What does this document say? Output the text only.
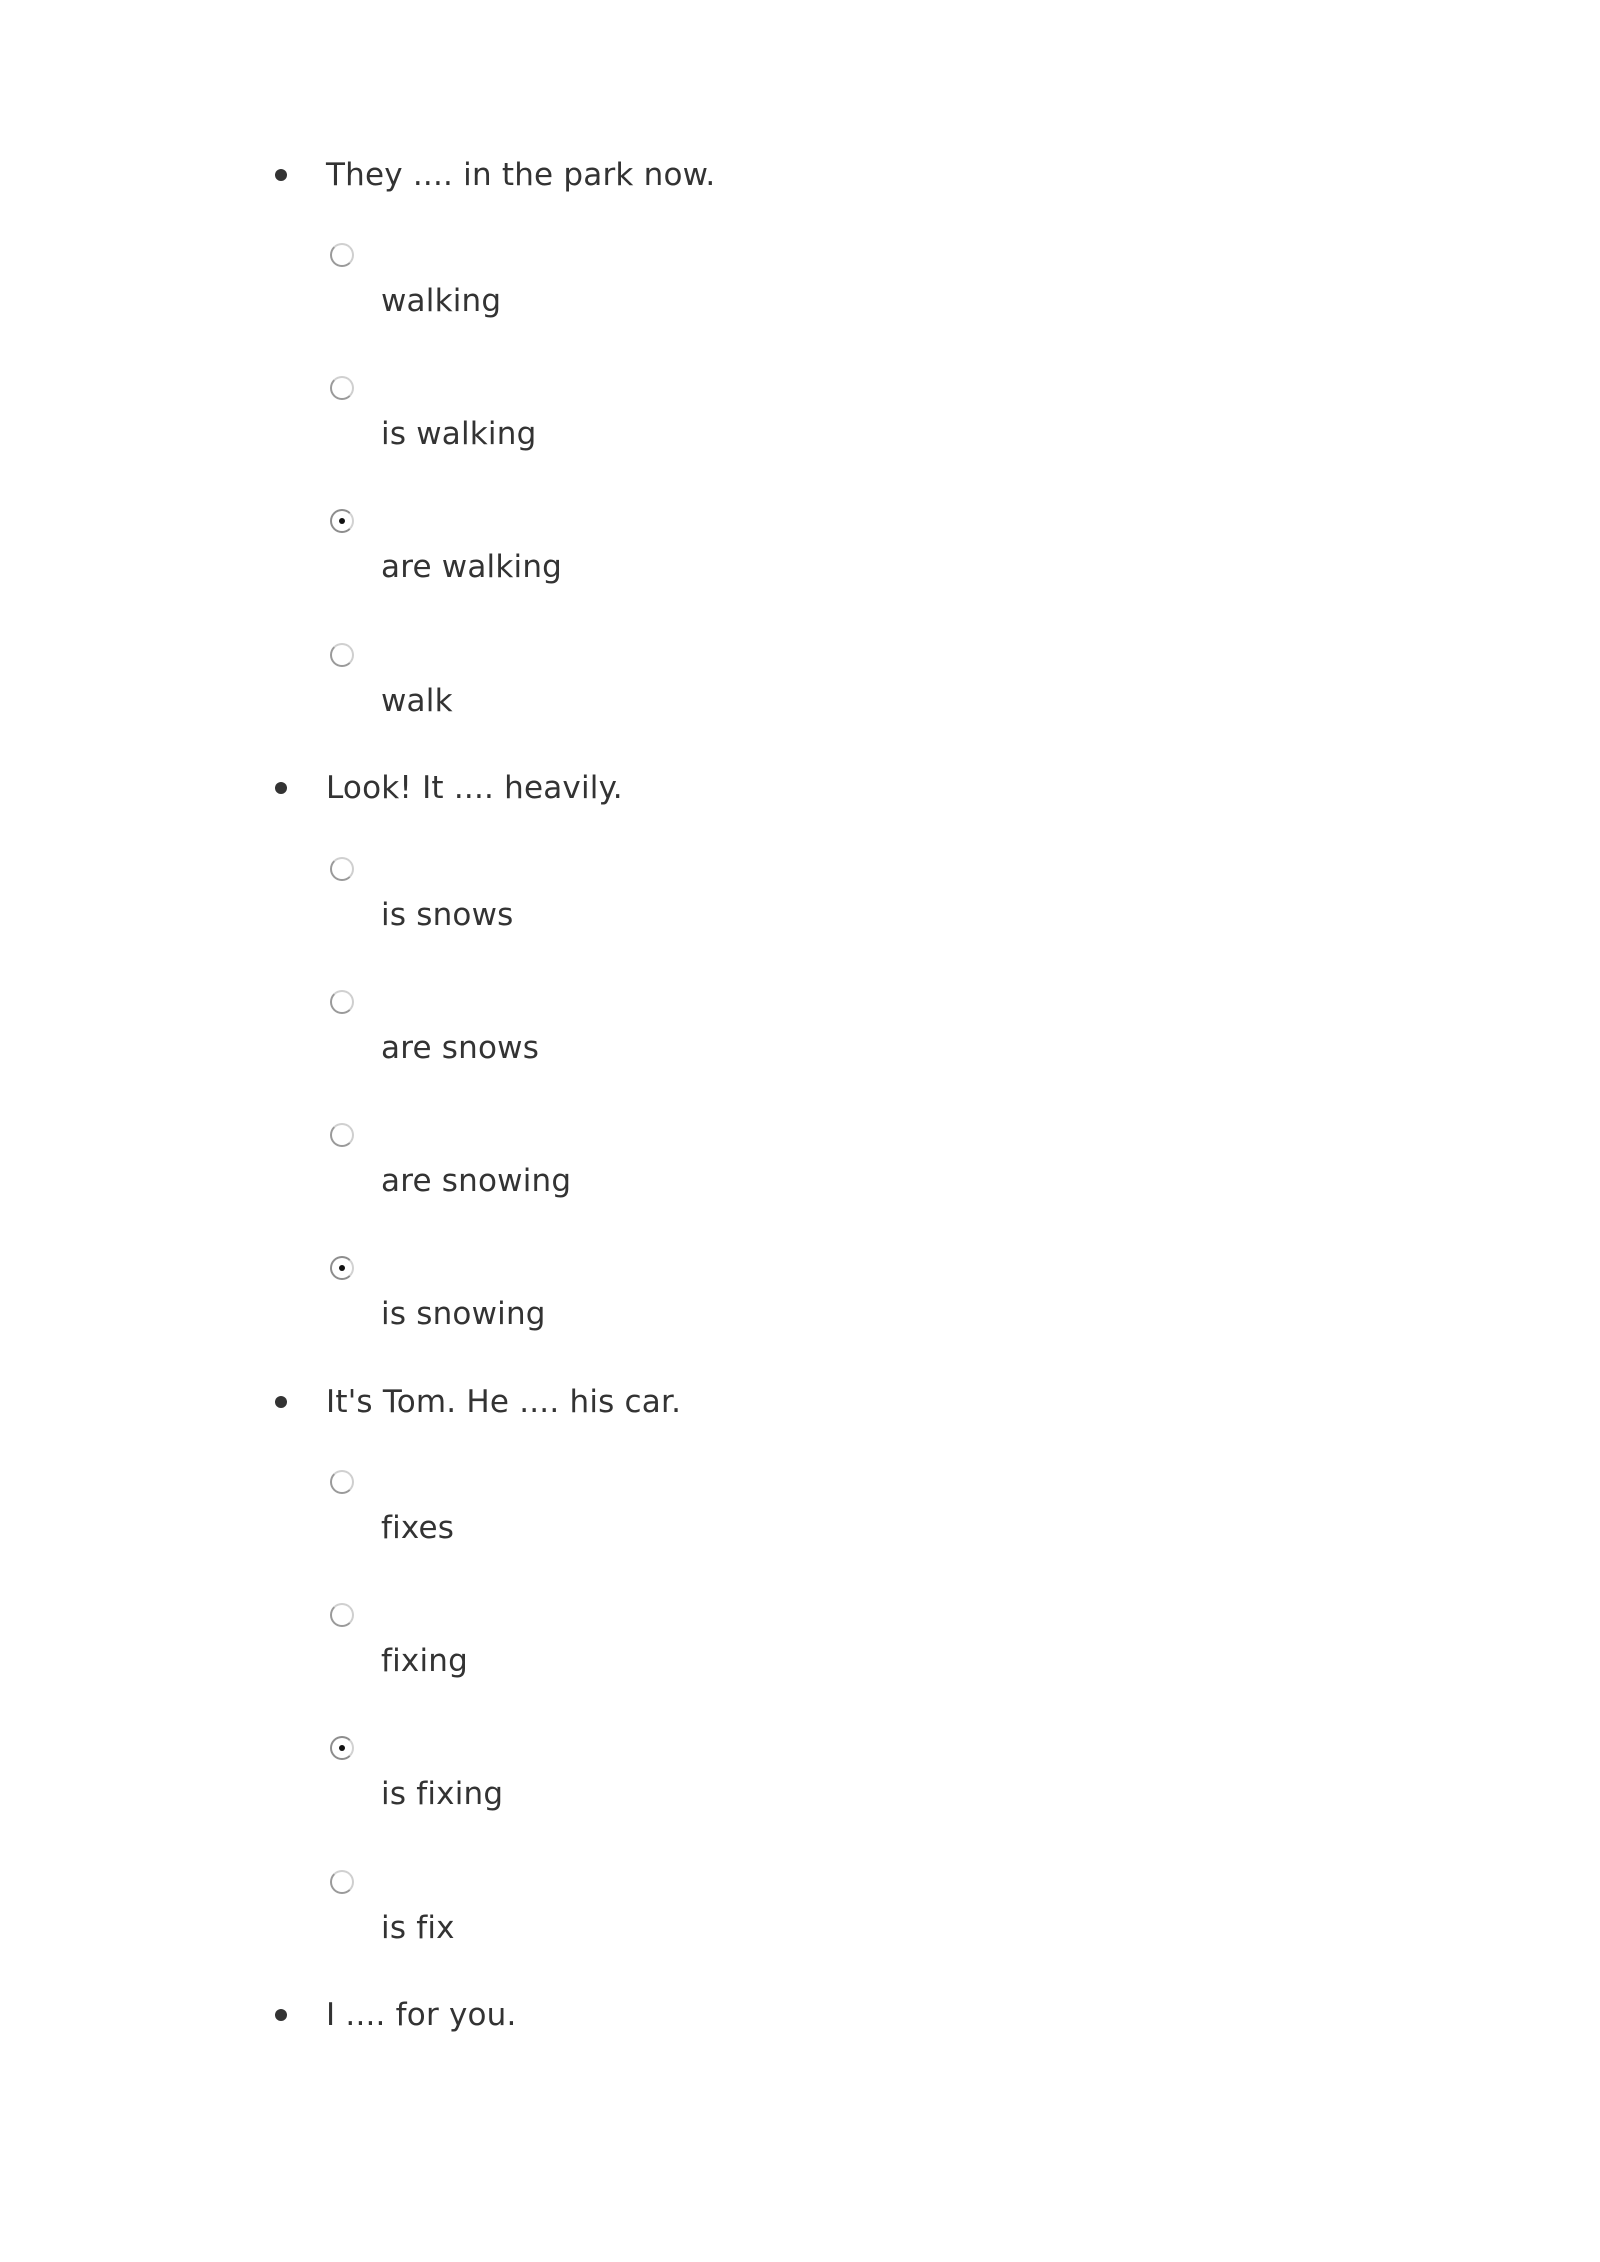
They .... in the park now.
walking
is walking
are walking
walk
Look! It .... heavily.
is snows
are snows
are snowing
is snowing
It's Tom. He .... his car.
fixes
fixing
is fixing
is fix
I .... for you.
